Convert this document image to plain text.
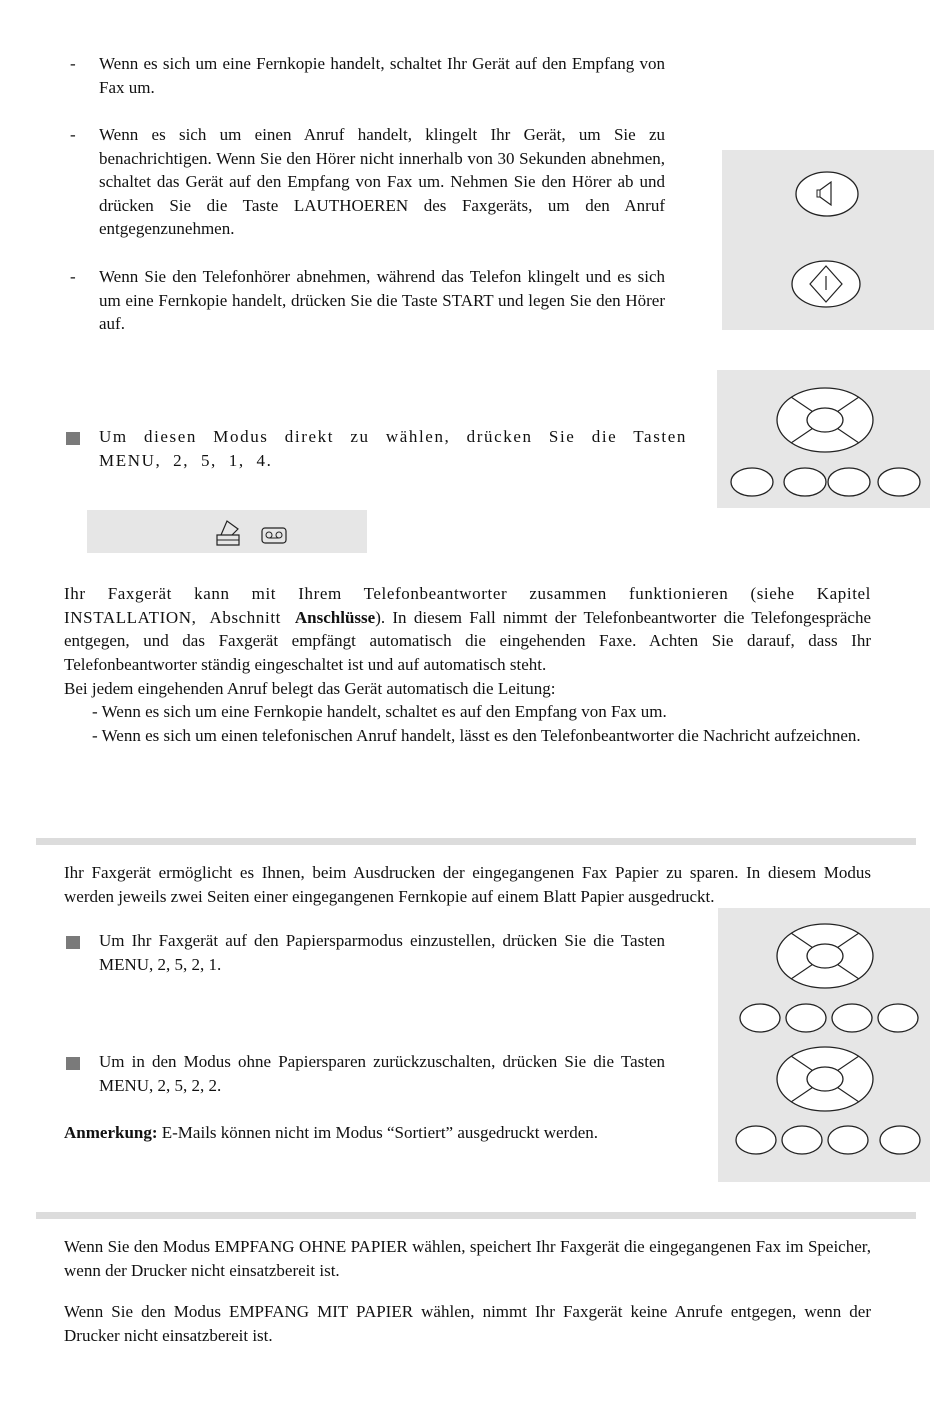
-	Wenn es sich um eine Fernkopie handelt, schaltet Ihr Gerät auf den Empfang von Fax um.
-	Wenn es sich um einen Anruf handelt, klingelt Ihr Gerät, um Sie zu benachrichtigen. Wenn Sie den Hörer nicht innerhalb von 30 Sekunden abnehmen, schaltet das Gerät auf den Empfang von Fax um. Nehmen Sie den Hörer ab und drücken Sie die Taste LAUTHOEREN des Faxgeräts, um den Anruf entgegenzunehmen.
-	Wenn Sie den Telefonhörer abnehmen, während das Telefon klingelt und es sich um eine Fernkopie handelt, drücken Sie die Taste START und legen Sie den Hörer auf.
Um diesen Modus direkt zu wählen, drücken Sie die Tasten MENU, 2, 5, 1, 4.
Ihr Faxgerät kann mit Ihrem Telefonbeantworter zusammen funktionieren (siehe Kapitel INSTALLATION, Abschnitt Anschlüsse). In diesem Fall nimmt der Telefonbeantworter die Telefongespräche entgegen, und das Faxgerät empfängt automatisch die eingehenden Faxe. Achten Sie darauf, dass Ihr Telefonbeantworter ständig eingeschaltet ist und auf automatisch steht.
Bei jedem eingehenden Anruf belegt das Gerät automatisch die Leitung:
- Wenn es sich um eine Fernkopie handelt, schaltet es auf den Empfang von Fax um.
- Wenn es sich um einen telefonischen Anruf handelt, lässt es den Telefonbeantworter die Nachricht aufzeichnen.
Ihr Faxgerät ermöglicht es Ihnen, beim Ausdrucken der eingegangenen Fax Papier zu sparen. In diesem Modus werden jeweils zwei Seiten einer eingegangenen Fernkopie auf einem Blatt Papier ausgedruckt.
Um Ihr Faxgerät auf den Papiersparmodus einzustellen, drücken Sie die Tasten MENU, 2, 5, 2, 1.
Um in den Modus ohne Papiersparen zurückzuschalten, drücken Sie die Tasten MENU, 2, 5, 2, 2.
Anmerkung: E-Mails können nicht im Modus “Sortiert” ausgedruckt werden.
Wenn Sie den Modus EMPFANG OHNE PAPIER wählen, speichert Ihr Faxgerät die eingegangenen Fax im Speicher, wenn der Drucker nicht einsatzbereit ist.
Wenn Sie den Modus EMPFANG MIT PAPIER wählen, nimmt Ihr Faxgerät keine Anrufe entgegen, wenn der Drucker nicht einsatzbereit ist.
